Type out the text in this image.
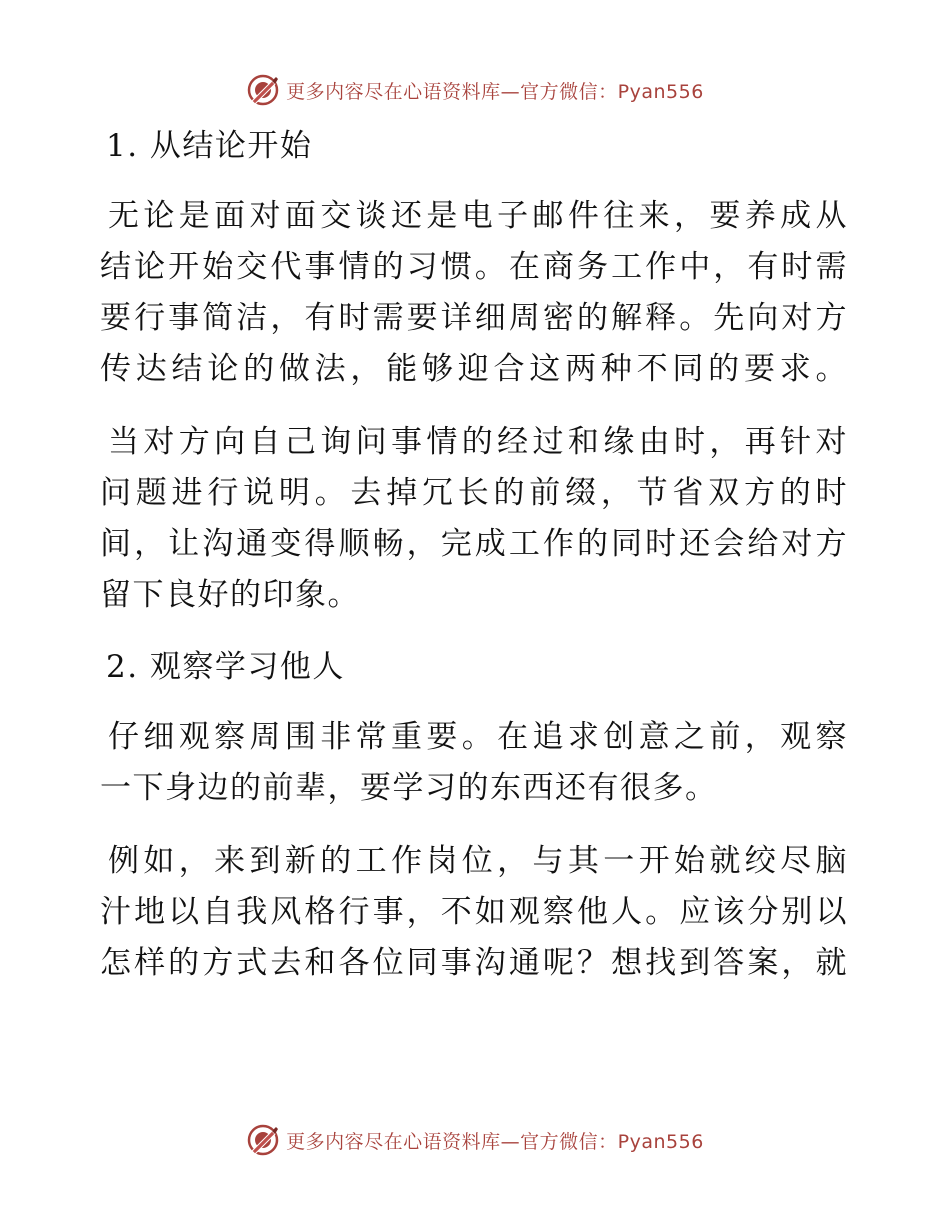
更多内容尽在心语资料库—官方微信：Pyan556
1. 从结论开始
无论是面对面交谈还是电子邮件往来，要养成从
结论开始交代事情的习惯。在商务工作中，有时需
要行事简洁，有时需要详细周密的解释。先向对方
传达结论的做法，能够迎合这两种不同的要求。
当对方向自己询问事情的经过和缘由时，再针对
问题进行说明。去掉冗长的前缀，节省双方的时
间，让沟通变得顺畅，完成工作的同时还会给对方
留下良好的印象。
2. 观察学习他人
仔细观察周围非常重要。在追求创意之前，观察
一下身边的前辈，要学习的东西还有很多。
例如，来到新的工作岗位，与其一开始就绞尽脑
汁地以自我风格行事，不如观察他人。应该分别以
怎样的方式去和各位同事沟通呢？想找到答案，就
更多内容尽在心语资料库—官方微信：Pyan556
